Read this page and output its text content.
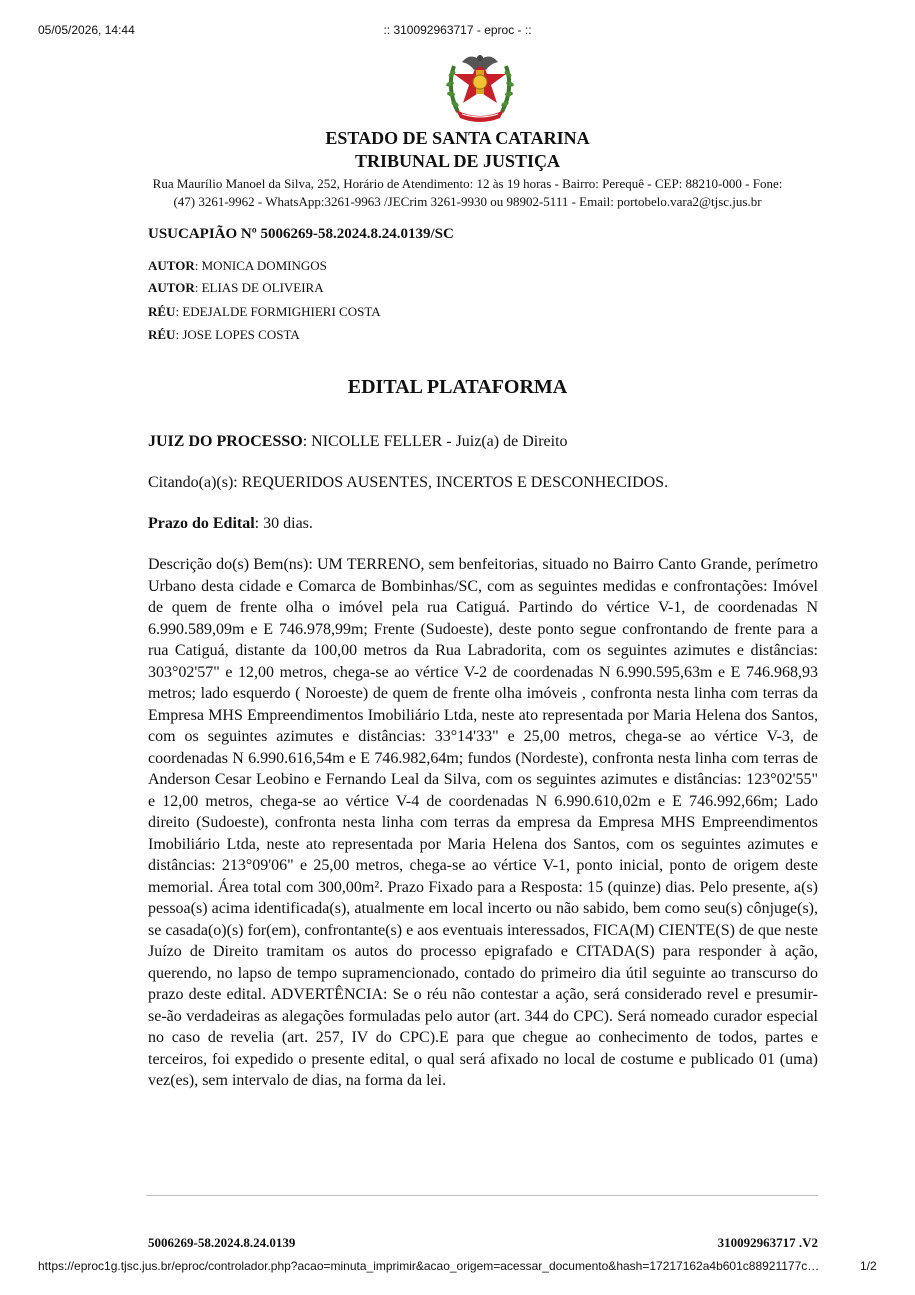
05/05/2026, 14:44	:: 310092963717 - eproc - ::
ESTADO DE SANTA CATARINA
TRIBUNAL DE JUSTIÇA
Rua Maurílio Manoel da Silva, 252, Horário de Atendimento: 12 às 19 horas - Bairro: Perequê - CEP: 88210-000 - Fone:
(47) 3261-9962 - WhatsApp:3261-9963 /JECrim 3261-9930 ou 98902-5111 - Email: portobelo.vara2@tjsc.jus.br
USUCAPIÃO Nº 5006269-58.2024.8.24.0139/SC
AUTOR: MONICA DOMINGOS
AUTOR: ELIAS DE OLIVEIRA
RÉU: EDEJALDE FORMIGHIERI COSTA
RÉU: JOSE LOPES COSTA
EDITAL PLATAFORMA
JUIZ DO PROCESSO: NICOLLE FELLER - Juiz(a) de Direito
Citando(a)(s): REQUERIDOS AUSENTES, INCERTOS E DESCONHECIDOS.
Prazo do Edital: 30 dias.
Descrição do(s) Bem(ns): UM TERRENO, sem benfeitorias, situado no Bairro Canto Grande, perímetro Urbano desta cidade e Comarca de Bombinhas/SC, com as seguintes medidas e confrontações: Imóvel de quem de frente olha o imóvel pela rua Catiguá. Partindo do vértice V-1, de coordenadas N 6.990.589,09m e E 746.978,99m; Frente (Sudoeste), deste ponto segue confrontando de frente para a rua Catiguá, distante da 100,00 metros da Rua Labradorita, com os seguintes azimutes e distâncias: 303°02'57" e 12,00 metros, chega-se ao vértice V-2 de coordenadas N 6.990.595,63m e E 746.968,93 metros; lado esquerdo ( Noroeste) de quem de frente olha imóveis , confronta nesta linha com terras da Empresa MHS Empreendimentos Imobiliário Ltda, neste ato representada por Maria Helena dos Santos, com os seguintes azimutes e distâncias: 33°14'33" e 25,00 metros, chega-se ao vértice V-3, de coordenadas N 6.990.616,54m e E 746.982,64m; fundos (Nordeste), confronta nesta linha com terras de Anderson Cesar Leobino e Fernando Leal da Silva, com os seguintes azimutes e distâncias: 123°02'55" e 12,00 metros, chega-se ao vértice V-4 de coordenadas N 6.990.610,02m e E 746.992,66m; Lado direito (Sudoeste), confronta nesta linha com terras da empresa da Empresa MHS Empreendimentos Imobiliário Ltda, neste ato representada por Maria Helena dos Santos, com os seguintes azimutes e distâncias: 213°09'06" e 25,00 metros, chega-se ao vértice V-1, ponto inicial, ponto de origem deste memorial. Área total com 300,00m². Prazo Fixado para a Resposta: 15 (quinze) dias. Pelo presente, a(s) pessoa(s) acima identificada(s), atualmente em local incerto ou não sabido, bem como seu(s) cônjuge(s), se casada(o)(s) for(em), confrontante(s) e aos eventuais interessados, FICA(M) CIENTE(S) de que neste Juízo de Direito tramitam os autos do processo epigrafado e CITADA(S) para responder à ação, querendo, no lapso de tempo supramencionado, contado do primeiro dia útil seguinte ao transcurso do prazo deste edital. ADVERTÊNCIA: Se o réu não contestar a ação, será considerado revel e presumir-se-ão verdadeiras as alegações formuladas pelo autor (art. 344 do CPC). Será nomeado curador especial no caso de revelia (art. 257, IV do CPC).E para que chegue ao conhecimento de todos, partes e terceiros, foi expedido o presente edital, o qual será afixado no local de costume e publicado 01 (uma) vez(es), sem intervalo de dias, na forma da lei.
5006269-58.2024.8.24.0139	310092963717 .V2
https://eproc1g.tjsc.jus.br/eproc/controlador.php?acao=minuta_imprimir&acao_origem=acessar_documento&hash=17217162a4b601c88921177c…	1/2
